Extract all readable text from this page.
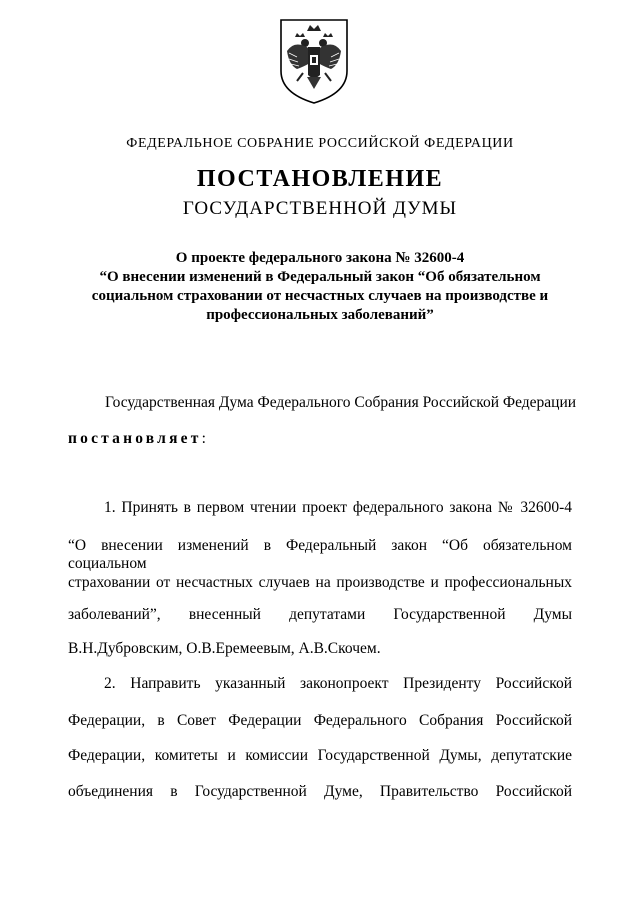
ФЕДЕРАЛЬНОЕ СОБРАНИЕ РОССИЙСКОЙ ФЕДЕРАЦИИ
ПОСТАНОВЛЕНИЕ
ГОСУДАРСТВЕННОЙ ДУМЫ
О проекте федерального закона № 32600-4
“О внесении изменений в Федеральный закон “Об обязательном
социальном страховании от несчастных случаев на производстве и
профессиональных заболеваний”
Государственная Дума Федерального Собрания Российской Федерации
постановляет:
1. Принять в первом чтении проект федерального закона № 32600-4
“О внесении изменений в Федеральный закон “Об обязательном социальном
страховании от несчастных случаев на производстве и профессиональных
заболеваний”, внесенный депутатами Государственной Думы
В.Н.Дубровским, О.В.Еремеевым, А.В.Скочем.
2. Направить указанный законопроект Президенту Российской
Федерации, в Совет Федерации Федерального Собрания Российской
Федерации, комитеты и комиссии Государственной Думы, депутатские
объединения в Государственной Думе, Правительство Российской
